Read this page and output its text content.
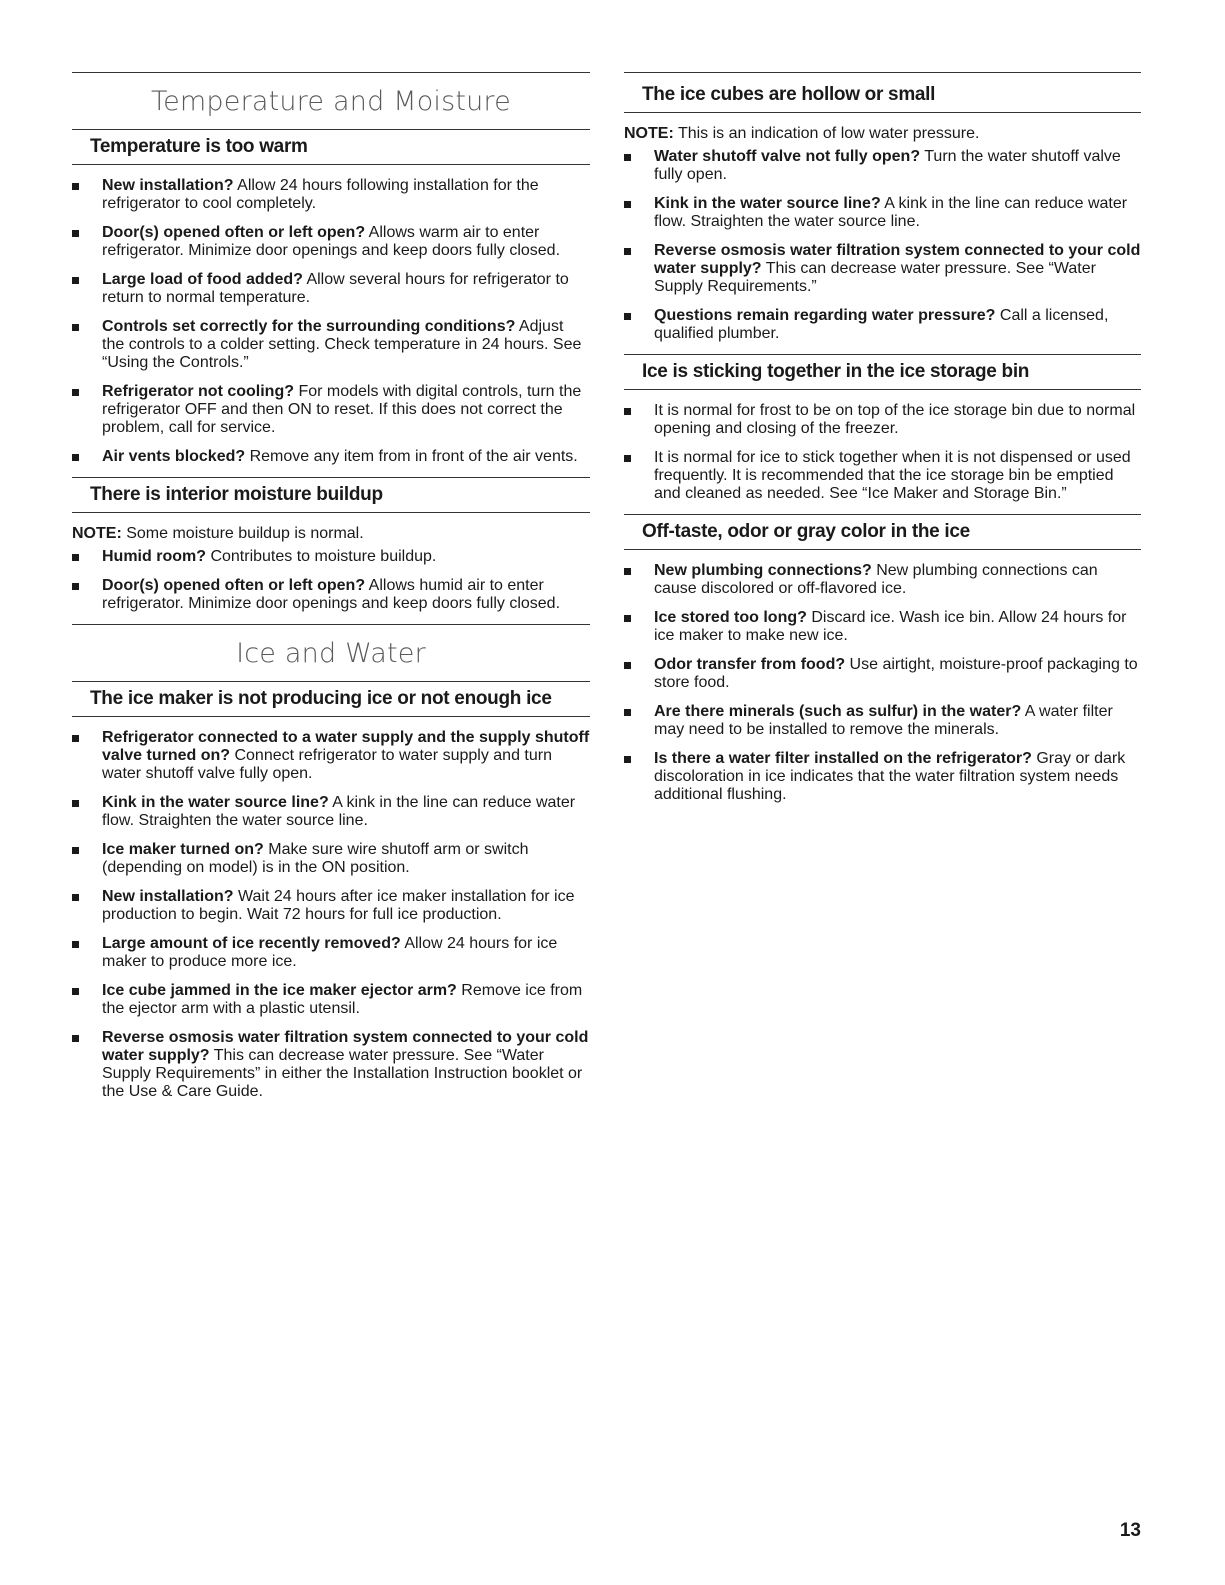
Temperature and Moisture
Temperature is too warm
New installation? Allow 24 hours following installation for the refrigerator to cool completely.
Door(s) opened often or left open? Allows warm air to enter refrigerator. Minimize door openings and keep doors fully closed.
Large load of food added? Allow several hours for refrigerator to return to normal temperature.
Controls set correctly for the surrounding conditions? Adjust the controls to a colder setting. Check temperature in 24 hours. See “Using the Controls.”
Refrigerator not cooling? For models with digital controls, turn the refrigerator OFF and then ON to reset. If this does not correct the problem, call for service.
Air vents blocked? Remove any item from in front of the air vents.
There is interior moisture buildup
NOTE: Some moisture buildup is normal.
Humid room? Contributes to moisture buildup.
Door(s) opened often or left open? Allows humid air to enter refrigerator. Minimize door openings and keep doors fully closed.
Ice and Water
The ice maker is not producing ice or not enough ice
Refrigerator connected to a water supply and the supply shutoff valve turned on? Connect refrigerator to water supply and turn water shutoff valve fully open.
Kink in the water source line? A kink in the line can reduce water flow. Straighten the water source line.
Ice maker turned on? Make sure wire shutoff arm or switch (depending on model) is in the ON position.
New installation? Wait 24 hours after ice maker installation for ice production to begin. Wait 72 hours for full ice production.
Large amount of ice recently removed? Allow 24 hours for ice maker to produce more ice.
Ice cube jammed in the ice maker ejector arm? Remove ice from the ejector arm with a plastic utensil.
Reverse osmosis water filtration system connected to your cold water supply? This can decrease water pressure. See “Water Supply Requirements” in either the Installation Instruction booklet or the Use & Care Guide.
The ice cubes are hollow or small
NOTE: This is an indication of low water pressure.
Water shutoff valve not fully open? Turn the water shutoff valve fully open.
Kink in the water source line? A kink in the line can reduce water flow. Straighten the water source line.
Reverse osmosis water filtration system connected to your cold water supply? This can decrease water pressure. See “Water Supply Requirements.”
Questions remain regarding water pressure? Call a licensed, qualified plumber.
Ice is sticking together in the ice storage bin
It is normal for frost to be on top of the ice storage bin due to normal opening and closing of the freezer.
It is normal for ice to stick together when it is not dispensed or used frequently. It is recommended that the ice storage bin be emptied and cleaned as needed. See “Ice Maker and Storage Bin.”
Off-taste, odor or gray color in the ice
New plumbing connections? New plumbing connections can cause discolored or off-flavored ice.
Ice stored too long? Discard ice. Wash ice bin. Allow 24 hours for ice maker to make new ice.
Odor transfer from food? Use airtight, moisture-proof packaging to store food.
Are there minerals (such as sulfur) in the water? A water filter may need to be installed to remove the minerals.
Is there a water filter installed on the refrigerator? Gray or dark discoloration in ice indicates that the water filtration system needs additional flushing.
13
